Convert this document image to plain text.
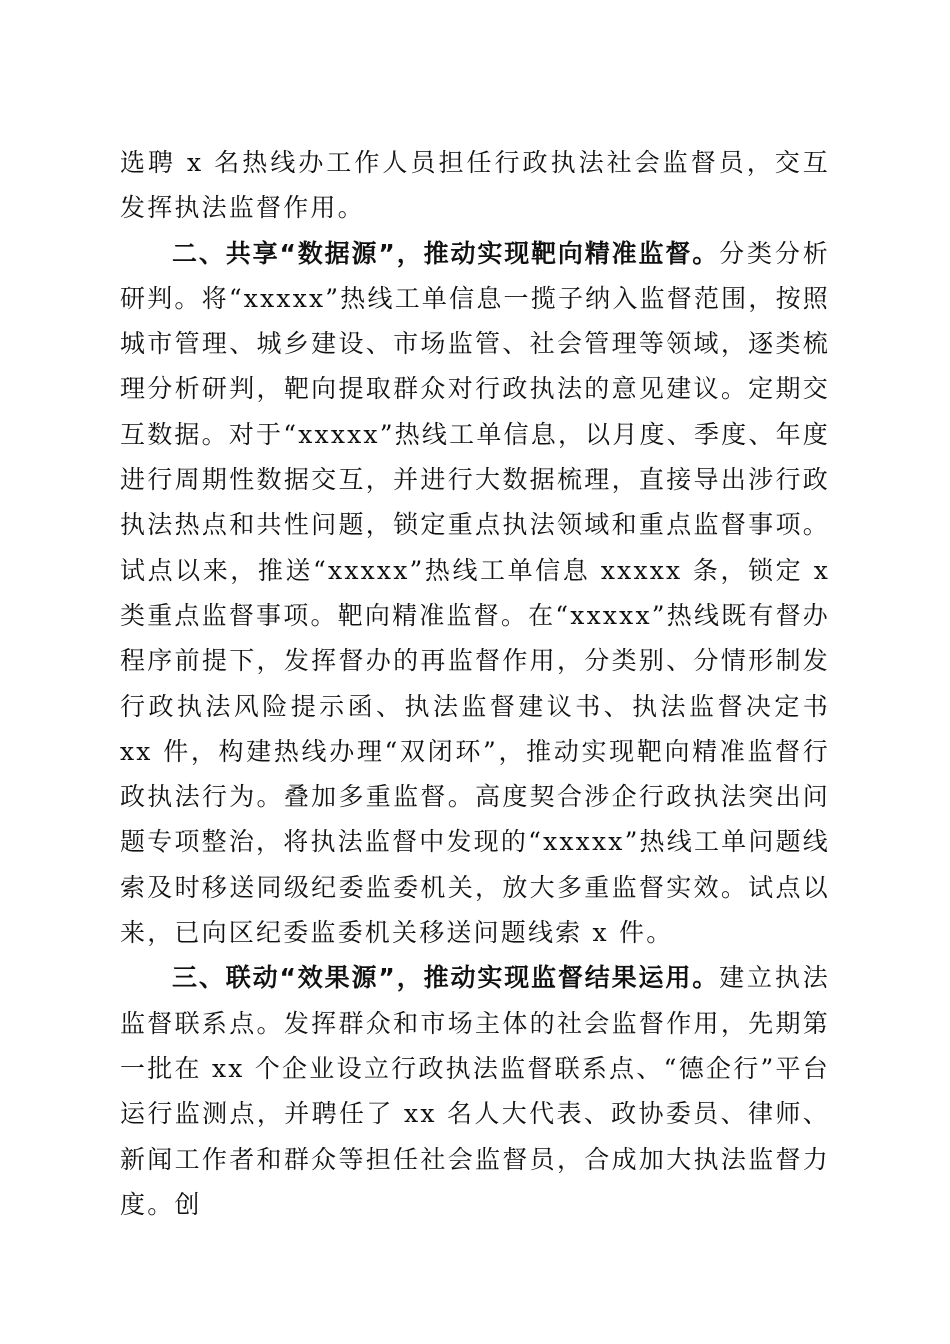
选聘 x 名热线办工作人员担任行政执法社会监督员，交互发挥执法监督作用。

二、共享“数据源”，推动实现靶向精准监督。分类分析研判。将“xxxxx”热线工单信息一揽子纳入监督范围，按照城市管理、城乡建设、市场监管、社会管理等领域，逐类梳理分析研判，靶向提取群众对行政执法的意见建议。定期交互数据。对于“xxxxx”热线工单信息，以月度、季度、年度进行周期性数据交互，并进行大数据梳理，直接导出涉行政执法热点和共性问题，锁定重点执法领域和重点监督事项。试点以来，推送“xxxxx”热线工单信息 xxxxx 条，锁定 x 类重点监督事项。靶向精准监督。在“xxxxx”热线既有督办程序前提下，发挥督办的再监督作用，分类别、分情形制发行政执法风险提示函、执法监督建议书、执法监督决定书 xx 件，构建热线办理“双闭环”，推动实现靶向精准监督行政执法行为。叠加多重监督。高度契合涉企行政执法突出问题专项整治，将执法监督中发现的“xxxxx”热线工单问题线索及时移送同级纪委监委机关，放大多重监督实效。试点以来，已向区纪委监委机关移送问题线索 x 件。

三、联动“效果源”，推动实现监督结果运用。建立执法监督联系点。发挥群众和市场主体的社会监督作用，先期第一批在 xx 个企业设立行政执法监督联系点、“德企行”平台运行监测点，并聘任了 xx 名人大代表、政协委员、律师、新闻工作者和群众等担任社会监督员，合成加大执法监督力度。创
